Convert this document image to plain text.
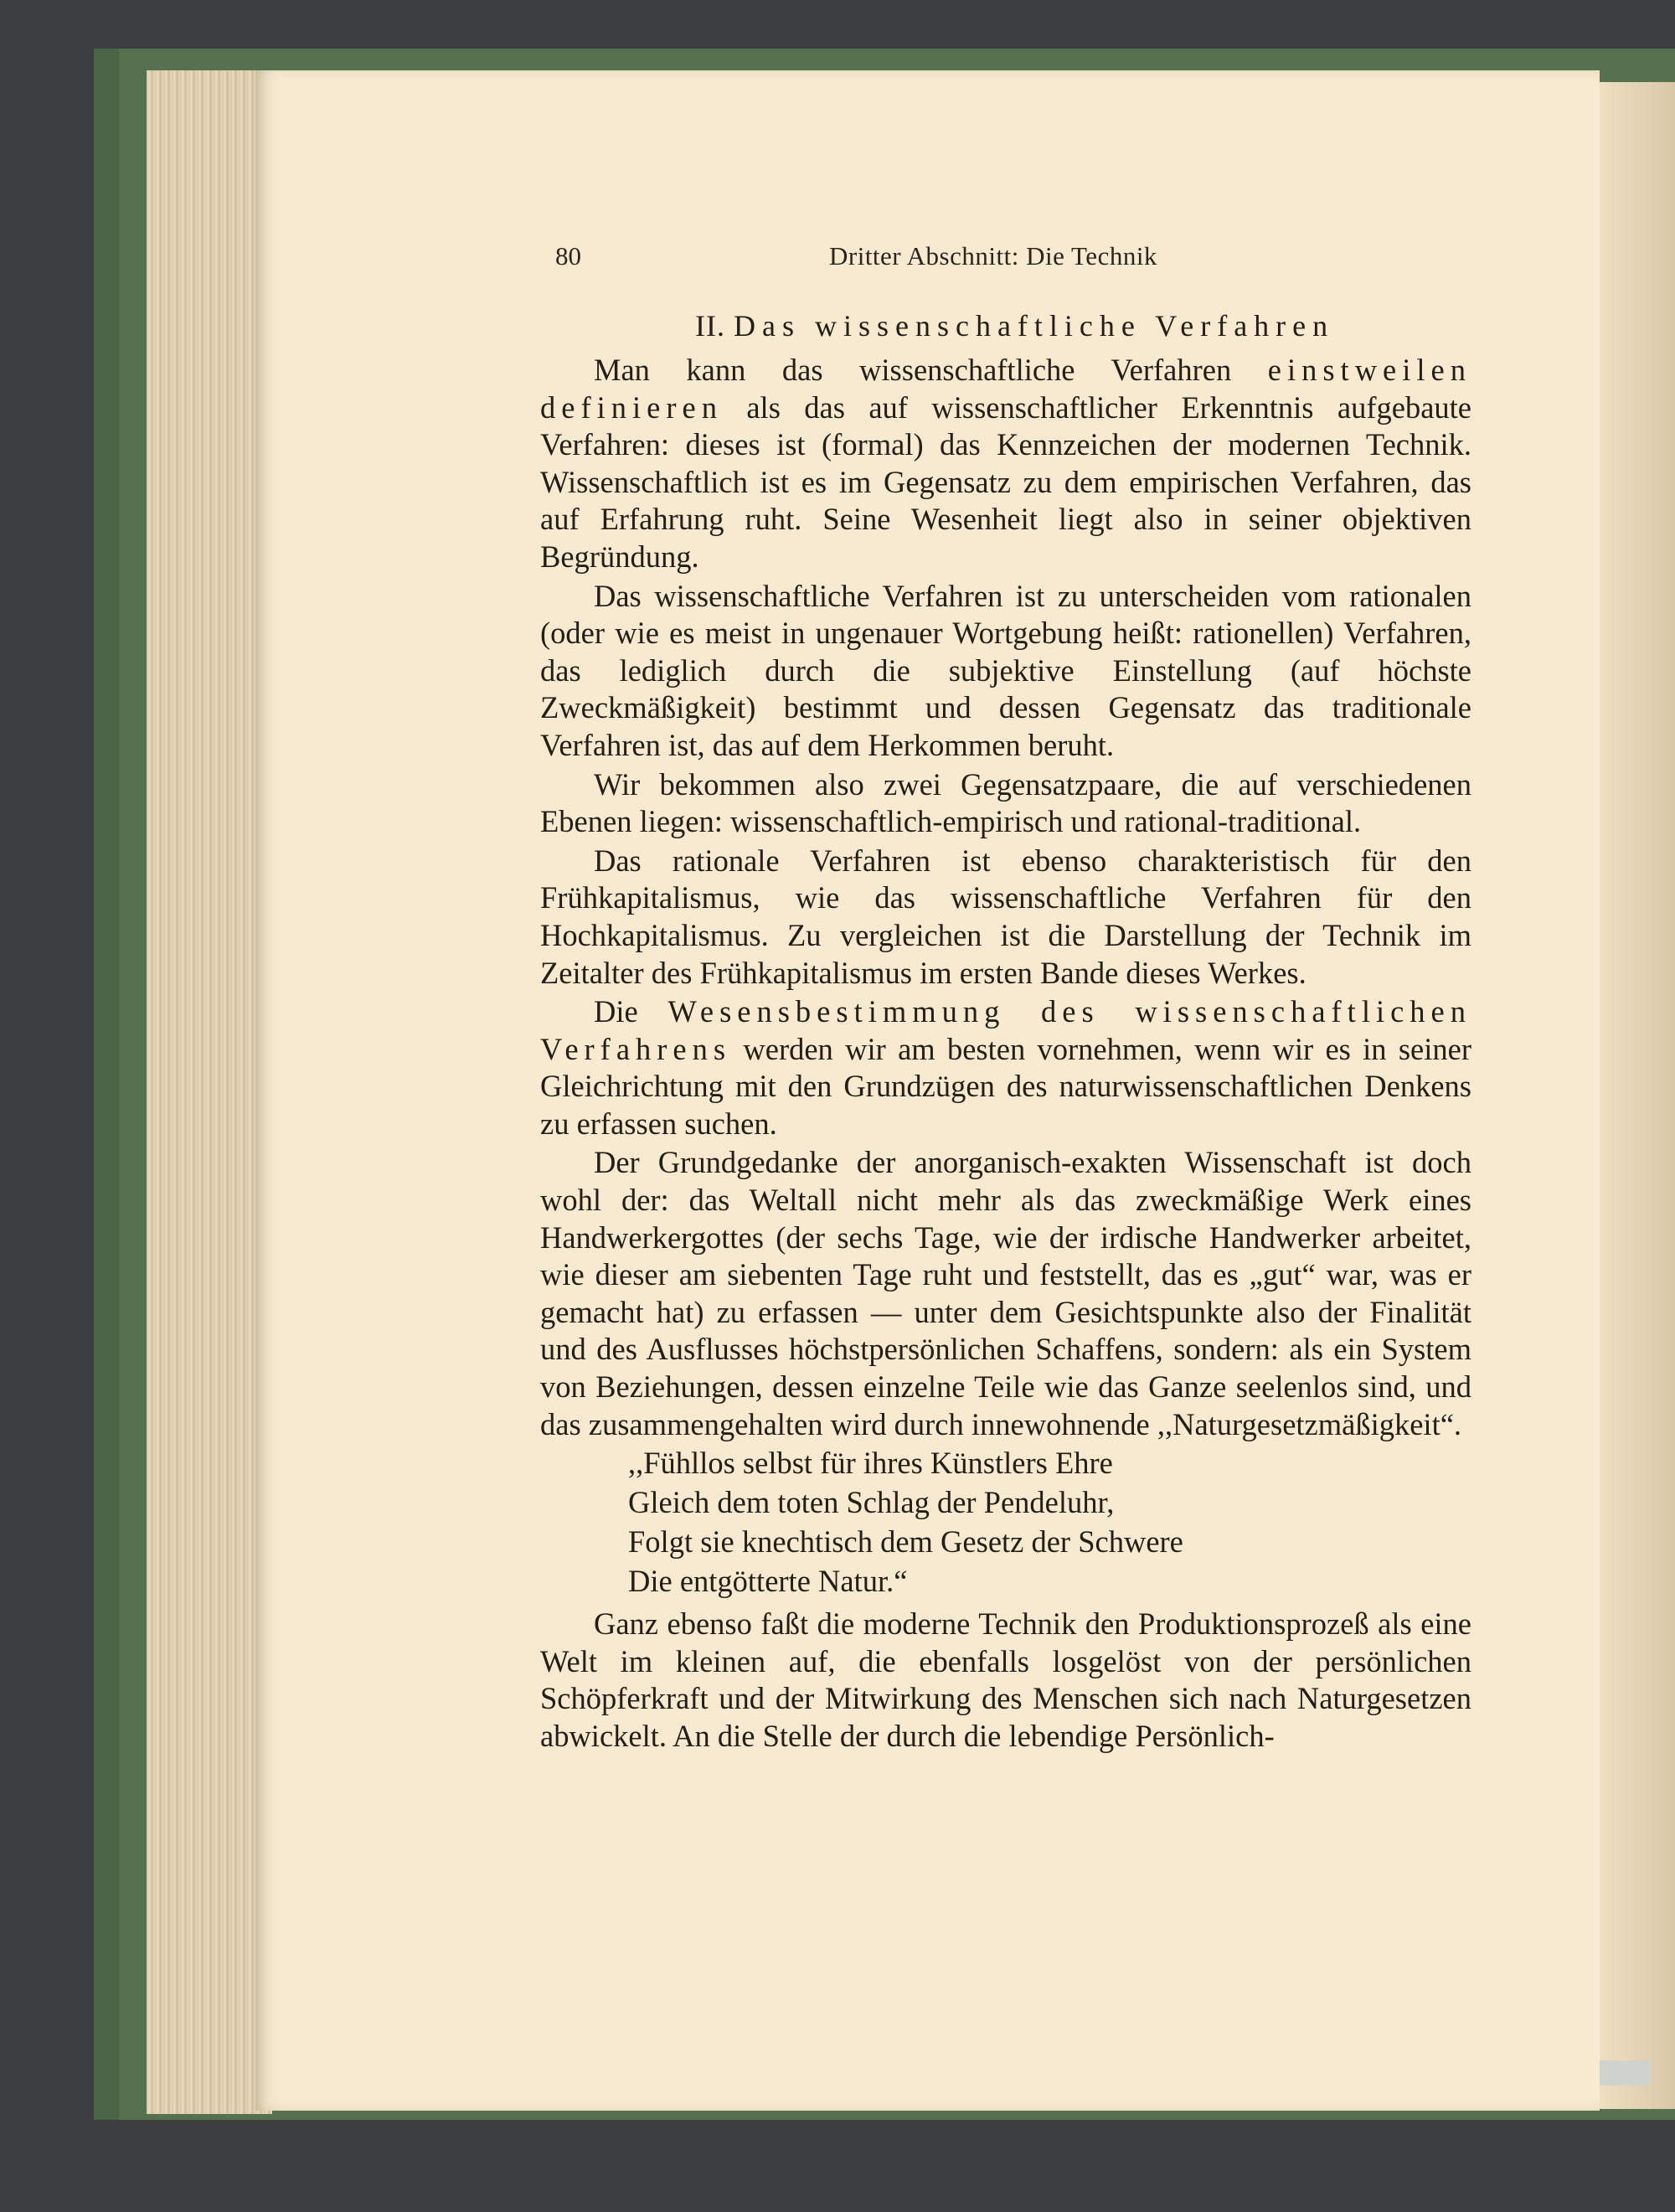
80	Dritter Abschnitt: Die Technik
II. Das wissenschaftliche Verfahren

Man kann das wissenschaftliche Verfahren einstweilen definieren als das auf wissenschaftlicher Erkenntnis aufgebaute Verfahren: dieses ist (formal) das Kennzeichen der modernen Technik. Wissenschaftlich ist es im Gegensatz zu dem empirischen Verfahren, das auf Erfahrung ruht. Seine Wesenheit liegt also in seiner objektiven Begründung.

Das wissenschaftliche Verfahren ist zu unterscheiden vom rationalen (oder wie es meist in ungenauer Wortgebung heißt: rationellen) Verfahren, das lediglich durch die subjektive Einstellung (auf höchste Zweckmäßigkeit) bestimmt und dessen Gegensatz das traditionale Verfahren ist, das auf dem Herkommen beruht.

Wir bekommen also zwei Gegensatzpaare, die auf verschiedenen Ebenen liegen: wissenschaftlich-empirisch und rational-traditional.

Das rationale Verfahren ist ebenso charakteristisch für den Frühkapitalismus, wie das wissenschaftliche Verfahren für den Hochkapitalismus. Zu vergleichen ist die Darstellung der Technik im Zeitalter des Frühkapitalismus im ersten Bande dieses Werkes.

Die Wesensbestimmung des wissenschaftlichen Verfahrens werden wir am besten vornehmen, wenn wir es in seiner Gleichrichtung mit den Grundzügen des naturwissenschaftlichen Denkens zu erfassen suchen.

Der Grundgedanke der anorganisch-exakten Wissenschaft ist doch wohl der: das Weltall nicht mehr als das zweckmäßige Werk eines Handwerkergottes (der sechs Tage, wie der irdische Handwerker arbeitet, wie dieser am siebenten Tage ruht und feststellt, das es „gut“ war, was er gemacht hat) zu erfassen — unter dem Gesichtspunkte also der Finalität und des Ausflusses höchstpersönlichen Schaffens, sondern: als ein System von Beziehungen, dessen einzelne Teile wie das Ganze seelenlos sind, und das zusammengehalten wird durch innewohnende ,,Naturgesetzmäßigkeit“.

,,Fühllos selbst für ihres Künstlers Ehre
Gleich dem toten Schlag der Pendeluhr,
Folgt sie knechtisch dem Gesetz der Schwere
Die entgötterte Natur.“

Ganz ebenso faßt die moderne Technik den Produktionsprozeß als eine Welt im kleinen auf, die ebenfalls losgelöst von der persönlichen Schöpferkraft und der Mitwirkung des Menschen sich nach Naturgesetzen abwickelt. An die Stelle der durch die lebendige Persönlich-
